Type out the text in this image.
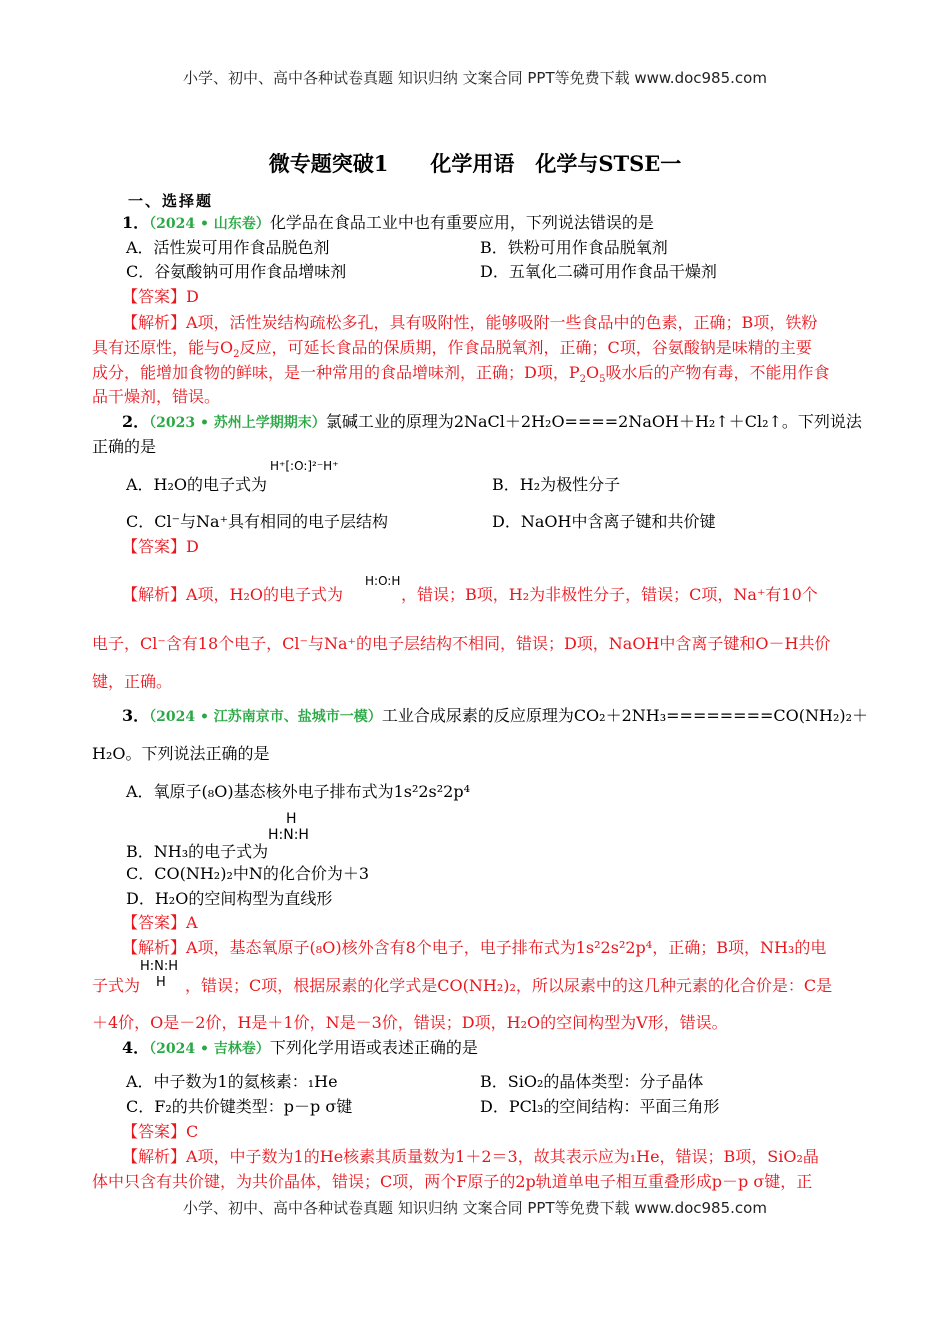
小学、初中、高中各种试卷真题 知识归纳 文案合同 PPT等免费下载 www.doc985.com
微专题突破1　　化学用语　化学与STSE一
一、选择题
1．（2024 • 山东卷）化学品在食品工业中也有重要应用，下列说法错误的是
A．活性炭可用作食品脱色剂	B．铁粉可用作食品脱氧剂
C．谷氨酸钠可用作食品增味剂	D．五氧化二磷可用作食品干燥剂
【答案】D
【解析】A项，活性炭结构疏松多孔，具有吸附性，能够吸附一些食品中的色素，正确；B项，铁粉
具有还原性，能与$O_2$反应，可延长食品的保质期，作食品脱氧剂，正确；C项，谷氨酸钠是味精的主要
成分，能增加食物的鲜味，是一种常用的食品增味剂，正确；D项，$P_2O_5$吸水后的产物有毒，不能用作食
品干燥剂，错误。
2．（2023 • 苏州上学期期末）氯碱工业的原理为2NaCl＋2H₂O====2NaOH＋H₂↑＋Cl₂↑。下列说法
正确的是
H⁺[:O:]²⁻H⁺
A．H₂O的电子式为	B．H₂为极性分子
C．Cl⁻与Na⁺具有相同的电子层结构	D．NaOH中含离子键和共价键
【答案】D
H:O:H
【解析】A项，H₂O的电子式为	，错误；B项，H₂为非极性分子，错误；C项，Na⁺有10个
电子，Cl⁻含有18个电子，Cl⁻与Na⁺的电子层结构不相同，错误；D项，NaOH中含离子键和O－H共价
键，正确。
3．（2024 • 江苏南京市、盐城市一模）工业合成尿素的反应原理为CO₂＋2NH₃========CO(NH₂)₂＋
H₂O。下列说法正确的是
A．氧原子(₈O)基态核外电子排布式为1s²2s²2p⁴
H
H:N:H
B．NH₃的电子式为
C．CO(NH₂)₂中N的化合价为＋3
D．H₂O的空间构型为直线形
【答案】A
【解析】A项，基态氧原子(₈O)核外含有8个电子，电子排布式为1s²2s²2p⁴，正确；B项，NH₃的电
H:N:H
H
子式为	，错误；C项，根据尿素的化学式是CO(NH₂)₂，所以尿素中的这几种元素的化合价是：C是
＋4价，O是－2价，H是＋1价，N是－3价，错误；D项，H₂O的空间构型为V形，错误。
4．（2024 • 吉林卷）下列化学用语或表述正确的是
A．中子数为1的氦核素：₁He	B．SiO₂的晶体类型：分子晶体
C．F₂的共价键类型：p－p σ键	D．PCl₃的空间结构：平面三角形
【答案】C
【解析】A项，中子数为1的He核素其质量数为1＋2＝3，故其表示应为₁He，错误；B项，SiO₂晶
体中只含有共价键，为共价晶体，错误；C项，两个F原子的2p轨道单电子相互重叠形成p－p σ键，正
小学、初中、高中各种试卷真题 知识归纳 文案合同 PPT等免费下载 www.doc985.com
